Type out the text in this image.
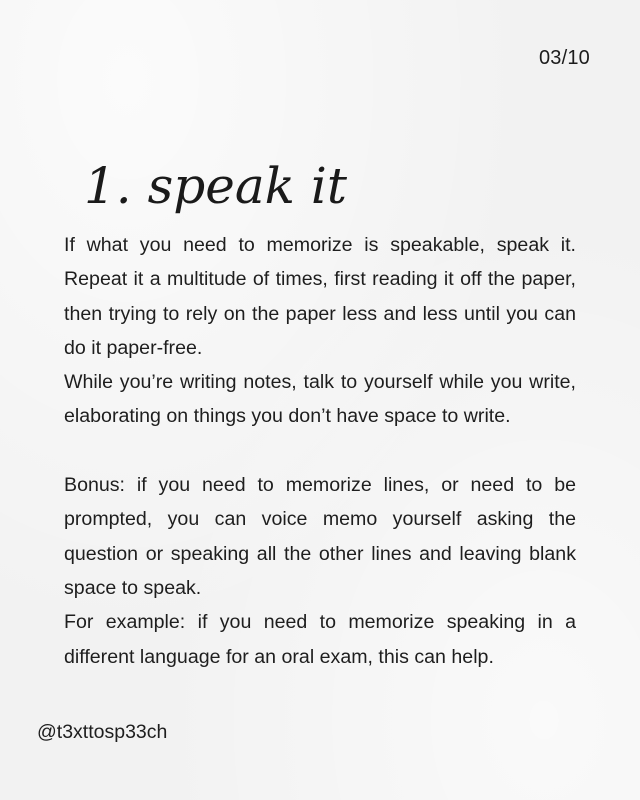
03/10
1. speak it

If what you need to memorize is speakable, speak it. Repeat it a multitude of times, first reading it off the paper, then trying to rely on the paper less and less until you can do it paper-free.

While you’re writing notes, talk to yourself while you write, elaborating on things you don’t have space to write.

Bonus: if you need to memorize lines, or need to be prompted, you can voice memo yourself asking the question or speaking all the other lines and leaving blank space to speak.

For example: if you need to memorize speaking in a different language for an oral exam, this can help.

@t3xttosp33ch
